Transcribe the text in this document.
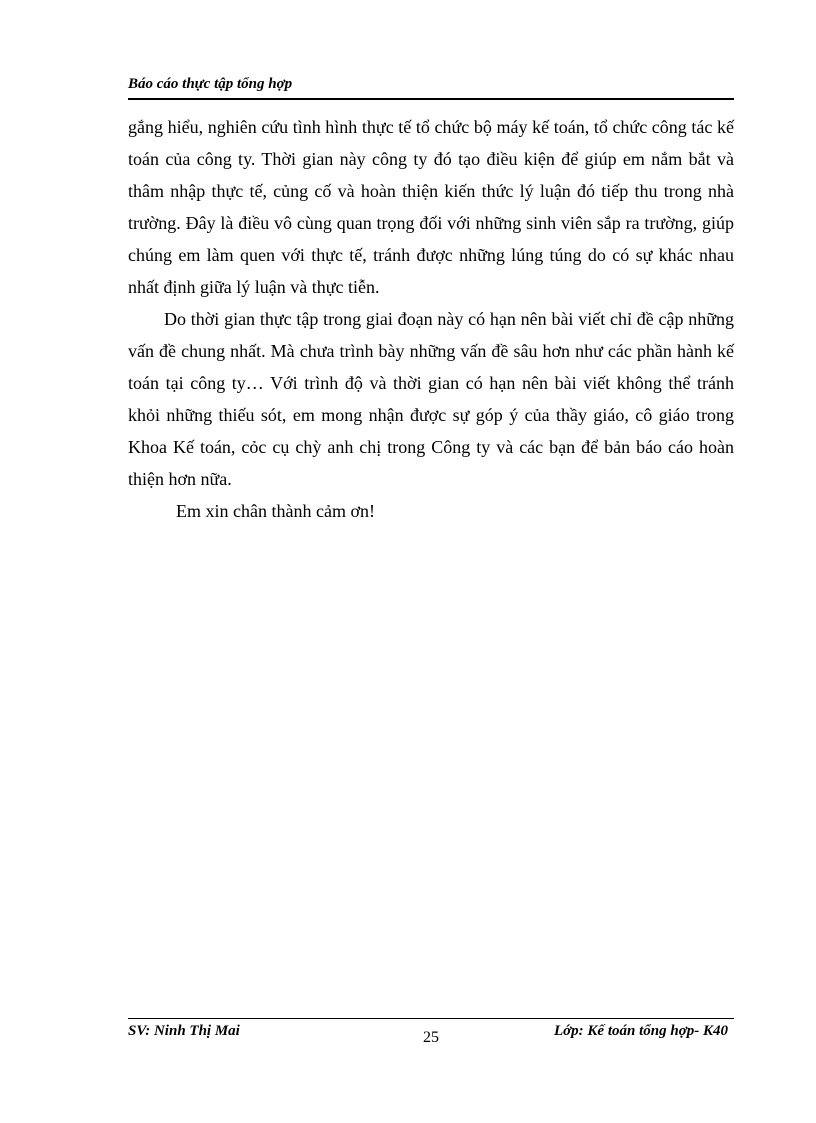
Báo cáo thực tập tổng hợp

gắng hiểu, nghiên cứu tình hình thực tế tổ chức bộ máy kế toán, tổ chức công tác kế toán của công ty. Thời gian này công ty đó tạo điều kiện để giúp em nắm bắt và thâm nhập thực tế, củng cố và hoàn thiện kiến thức lý luận đó tiếp thu trong nhà trường. Đây là điều vô cùng quan trọng đối với những sinh viên sắp ra trường, giúp chúng em làm quen với thực tế, tránh được những lúng túng do có sự khác nhau nhất định giữa lý luận và thực tiễn.

Do thời gian thực tập trong giai đoạn này có hạn nên bài viết chỉ đề cập những vấn đề chung nhất. Mà chưa trình bày những vấn đề sâu hơn như các phần hành kế toán tại công ty… Với trình độ và thời gian có hạn nên bài viết không thể tránh khỏi những thiếu sót, em mong nhận được sự góp ý của thầy giáo, cô giáo trong Khoa Kế toán, cỏc cụ chỳ anh chị trong Công ty và các bạn để bản báo cáo hoàn thiện hơn nữa.

Em xin chân thành cảm ơn!

SV: Ninh Thị Mai	25	Lớp: Kế toán tổng hợp- K40
